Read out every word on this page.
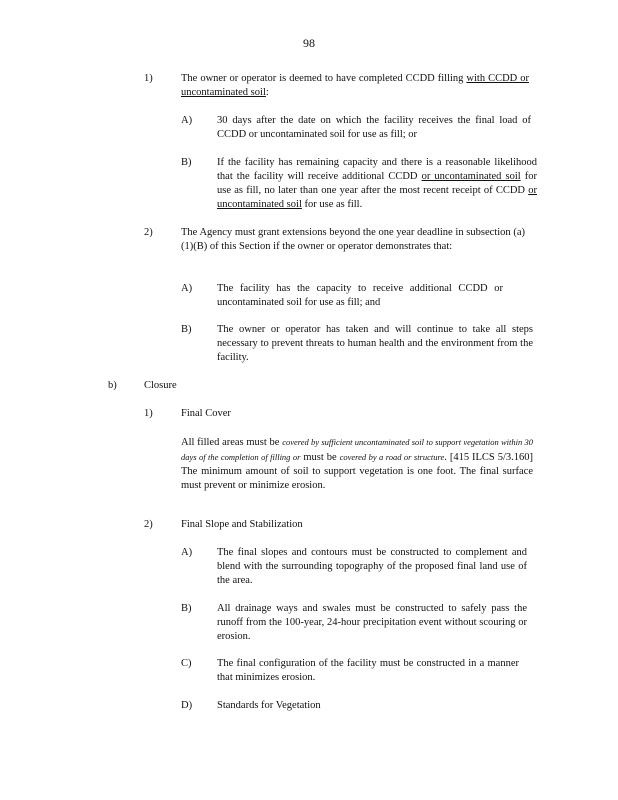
98
1)	The owner or operator is deemed to have completed CCDD filling with CCDD or uncontaminated soil:
A) 30 days after the date on which the facility receives the final load of CCDD or uncontaminated soil for use as fill; or
B) If the facility has remaining capacity and there is a reasonable likelihood that the facility will receive additional CCDD or uncontaminated soil for use as fill, no later than one year after the most recent receipt of CCDD or uncontaminated soil for use as fill.
2)	The Agency must grant extensions beyond the one year deadline in subsection (a)(1)(B) of this Section if the owner or operator demonstrates that:
A) The facility has the capacity to receive additional CCDD or uncontaminated soil for use as fill; and
B) The owner or operator has taken and will continue to take all steps necessary to prevent threats to human health and the environment from the facility.
b)	Closure
1)	Final Cover
All filled areas must be covered by sufficient uncontaminated soil to support vegetation within 30 days of the completion of filling or must be covered by a road or structure. [415 ILCS 5/3.160] The minimum amount of soil to support vegetation is one foot. The final surface must prevent or minimize erosion.
2)	Final Slope and Stabilization
A) The final slopes and contours must be constructed to complement and blend with the surrounding topography of the proposed final land use of the area.
B) All drainage ways and swales must be constructed to safely pass the runoff from the 100-year, 24-hour precipitation event without scouring or erosion.
C) The final configuration of the facility must be constructed in a manner that minimizes erosion.
D) Standards for Vegetation
